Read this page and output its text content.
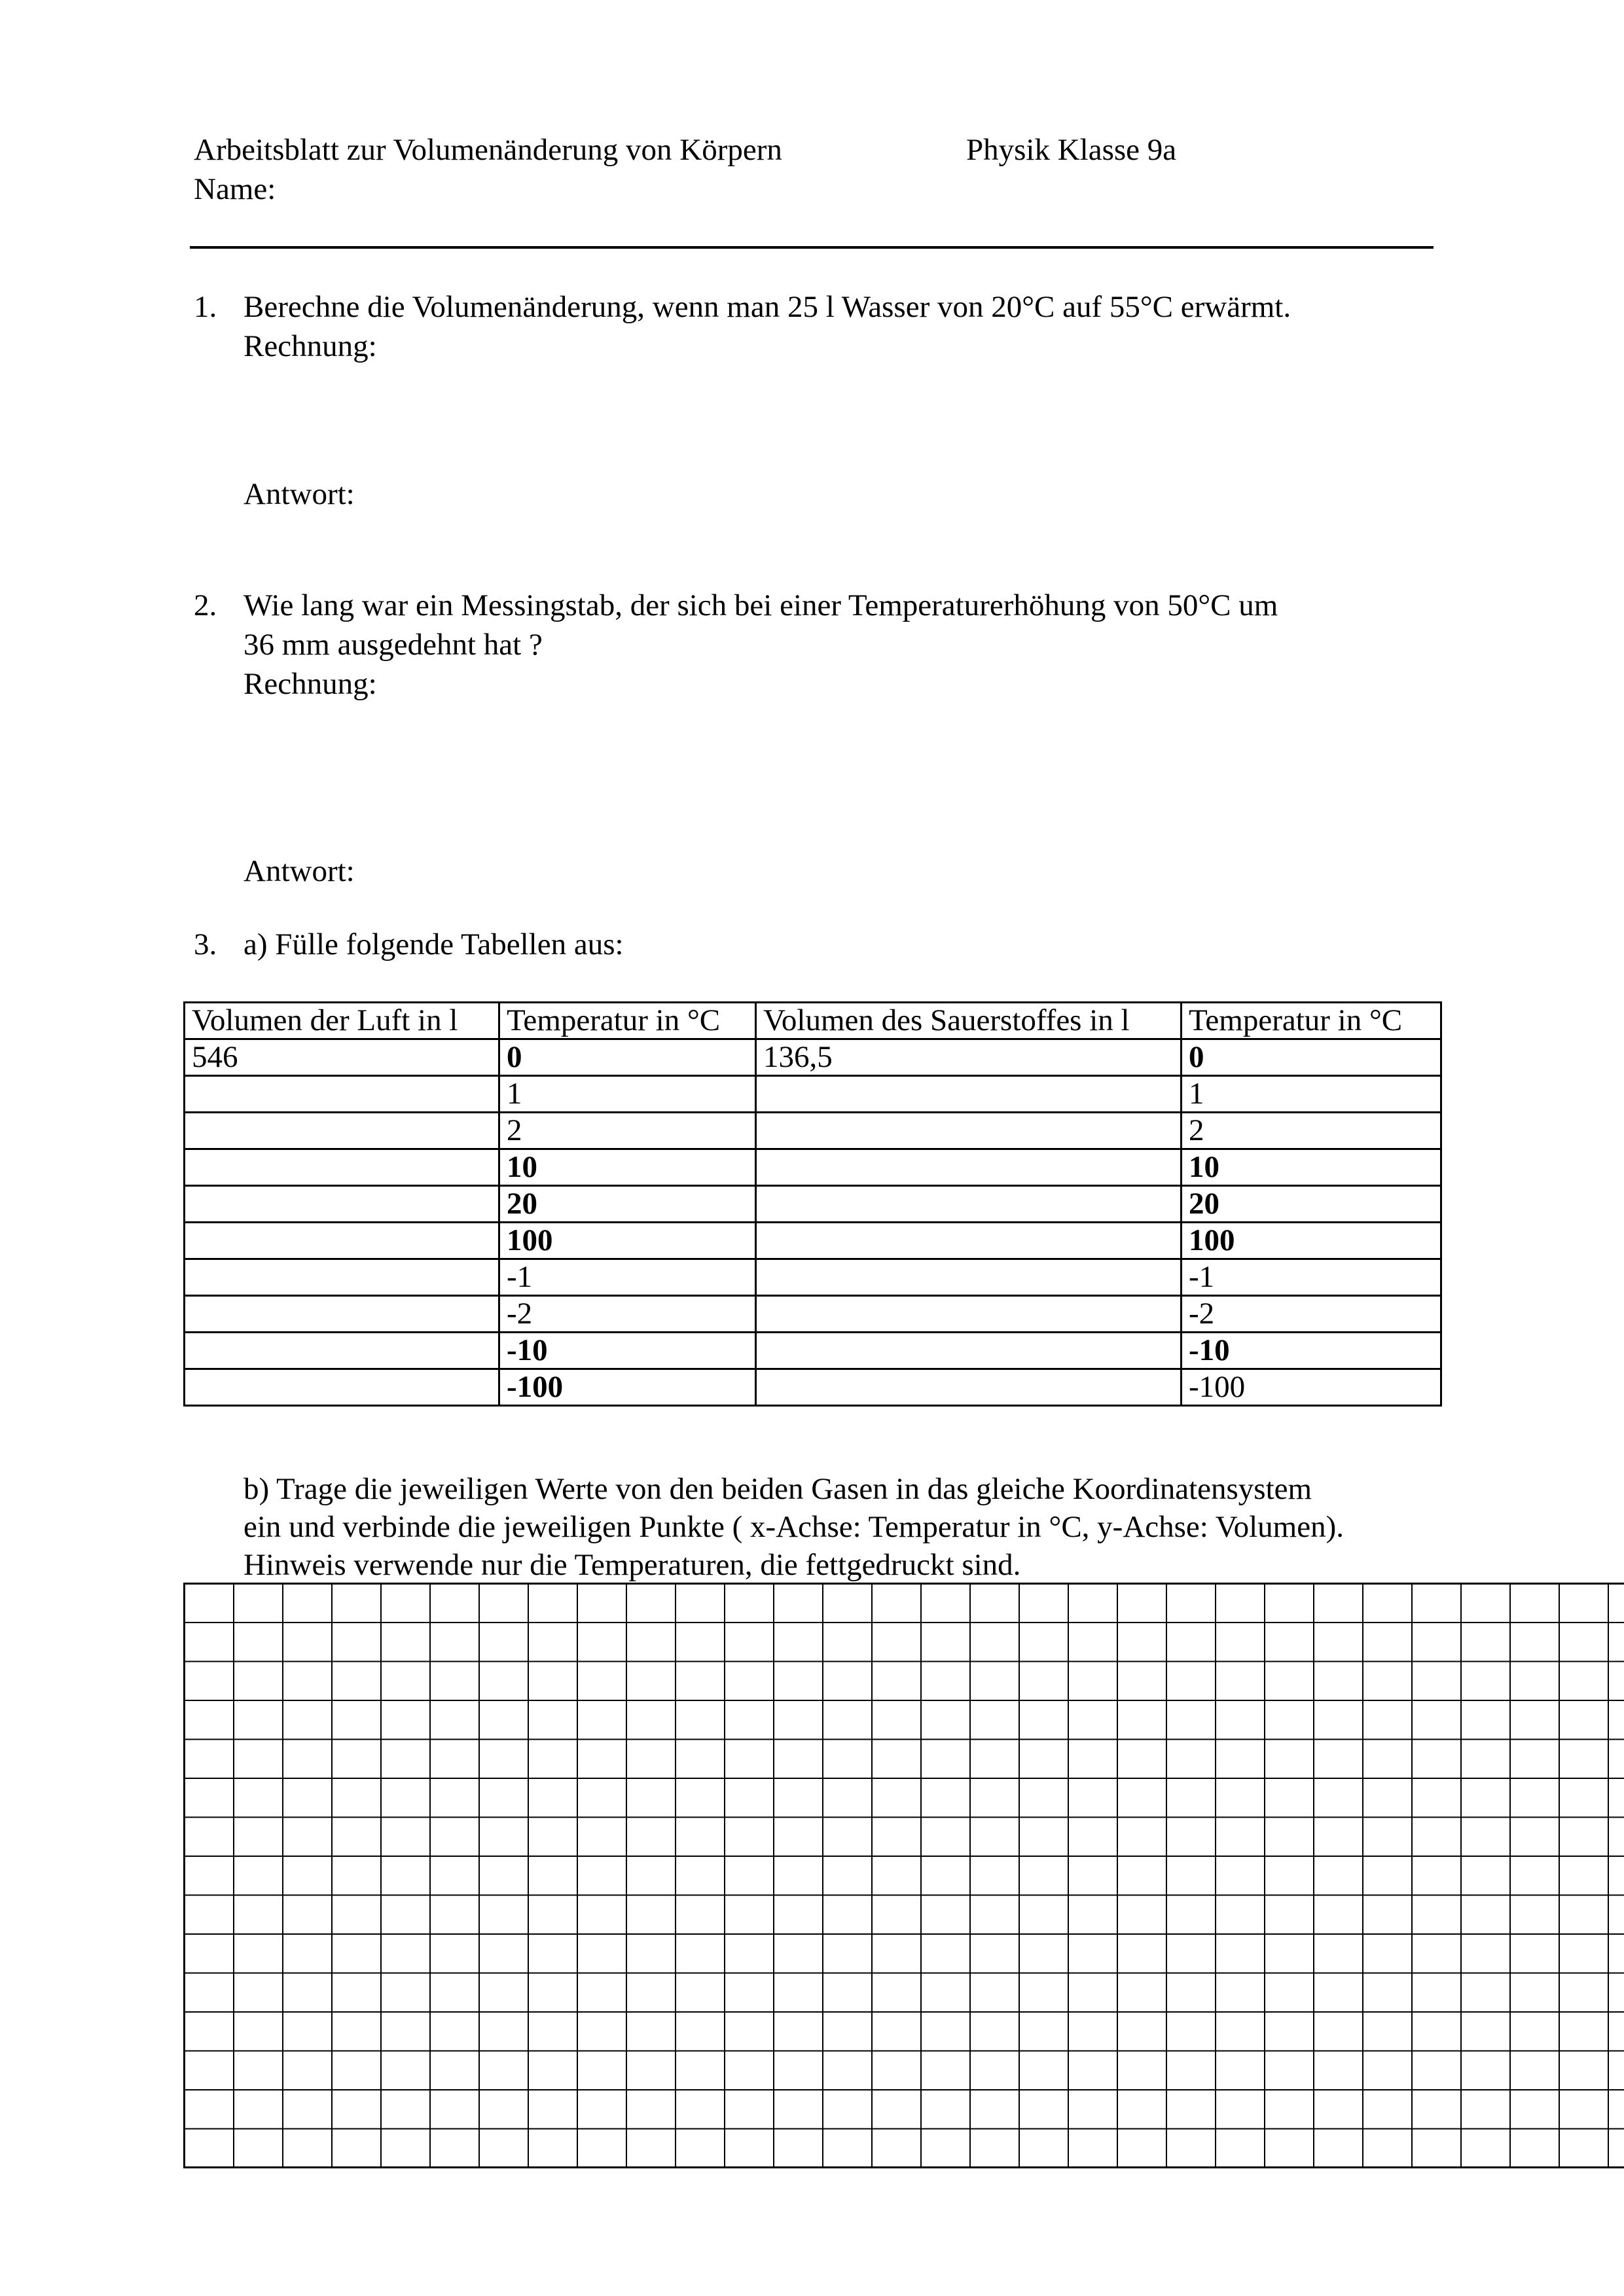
Arbeitsblatt zur Volumenänderung von Körpern	Physik Klasse 9a
Name:
1. Berechne die Volumenänderung, wenn man 25 l Wasser von 20°C auf 55°C erwärmt.
Rechnung:
Antwort:
2. Wie lang war ein Messingstab, der sich bei einer Temperaturerhöhung von 50°C um
36 mm ausgedehnt hat ?
Rechnung:
Antwort:
3. a) Fülle folgende Tabellen aus:
Volumen der Luft in l	Temperatur in °C	Volumen des Sauerstoffes in l	Temperatur in °C
546	0	136,5	0
	1		1
	2		2
	10		10
	20		20
	100		100
	-1		-1
	-2		-2
	-10		-10
	-100		-100
b) Trage die jeweiligen Werte von den beiden Gasen in das gleiche Koordinatensystem
ein und verbinde die jeweiligen Punkte ( x-Achse: Temperatur in °C, y-Achse: Volumen).
Hinweis verwende nur die Temperaturen, die fettgedruckt sind.
